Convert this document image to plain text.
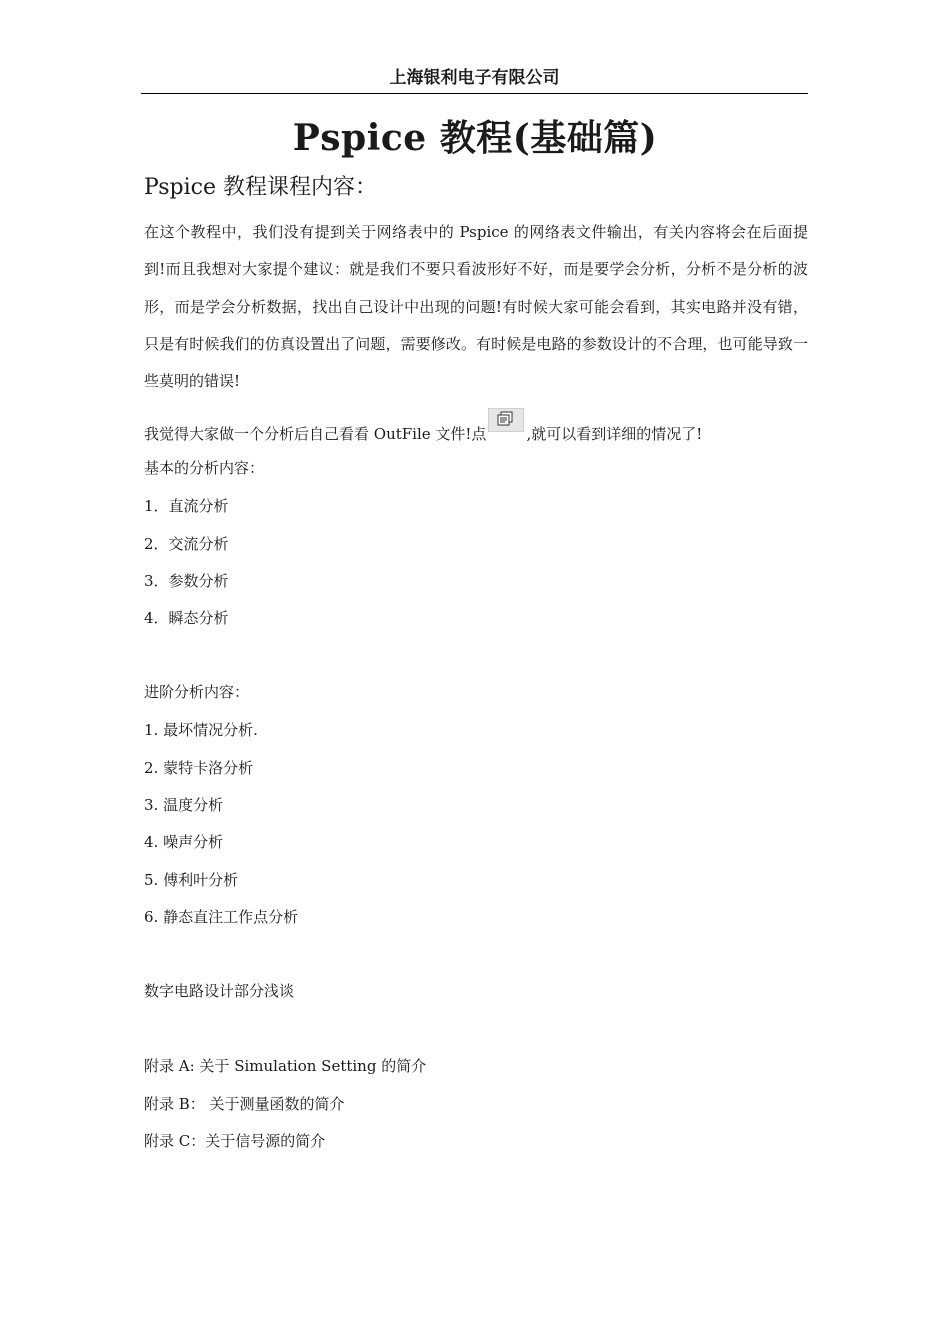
上海银利电子有限公司
Pspice 教程(基础篇)
Pspice 教程课程内容：
在这个教程中，我们没有提到关于网络表中的 Pspice 的网络表文件输出，有关内容将会在后面提到!而且我想对大家提个建议：就是我们不要只看波形好不好，而是要学会分析，分析不是分析的波形，而是学会分析数据，找出自己设计中出现的问题!有时候大家可能会看到，其实电路并没有错，只是有时候我们的仿真设置出了问题，需要修改。有时候是电路的参数设计的不合理，也可能导致一些莫明的错误!
我觉得大家做一个分析后自己看看 OutFile 文件!点	,就可以看到详细的情况了!
基本的分析内容：
1．直流分析
2．交流分析
3．参数分析
4．瞬态分析
进阶分析内容：
1. 最坏情况分析.
2. 蒙特卡洛分析
3. 温度分析
4. 噪声分析
5. 傅利叶分析
6. 静态直注工作点分析
数字电路设计部分浅谈
附录 A: 关于 Simulation Setting 的简介
附录 B： 关于测量函数的简介
附录 C：关于信号源的简介
